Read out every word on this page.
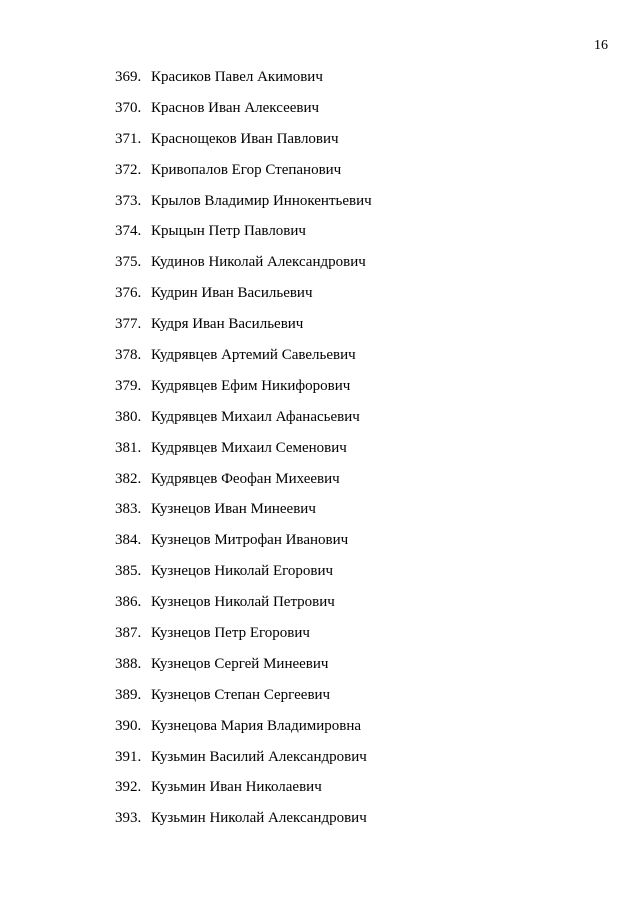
16
369. Красиков Павел Акимович
370. Краснов Иван Алексеевич
371. Краснощеков Иван Павлович
372. Кривопалов Егор Степанович
373. Крылов Владимир Иннокентьевич
374. Крыцын Петр Павлович
375. Кудинов Николай Александрович
376. Кудрин Иван Васильевич
377. Кудря Иван Васильевич
378. Кудрявцев Артемий Савельевич
379. Кудрявцев Ефим Никифорович
380. Кудрявцев Михаил Афанасьевич
381. Кудрявцев Михаил Семенович
382. Кудрявцев Феофан Михеевич
383. Кузнецов Иван Минеевич
384. Кузнецов Митрофан Иванович
385. Кузнецов Николай Егорович
386. Кузнецов Николай Петрович
387. Кузнецов Петр Егорович
388. Кузнецов Сергей Минеевич
389. Кузнецов Степан Сергеевич
390. Кузнецова Мария Владимировна
391. Кузьмин Василий Александрович
392. Кузьмин Иван Николаевич
393. Кузьмин Николай Александрович
